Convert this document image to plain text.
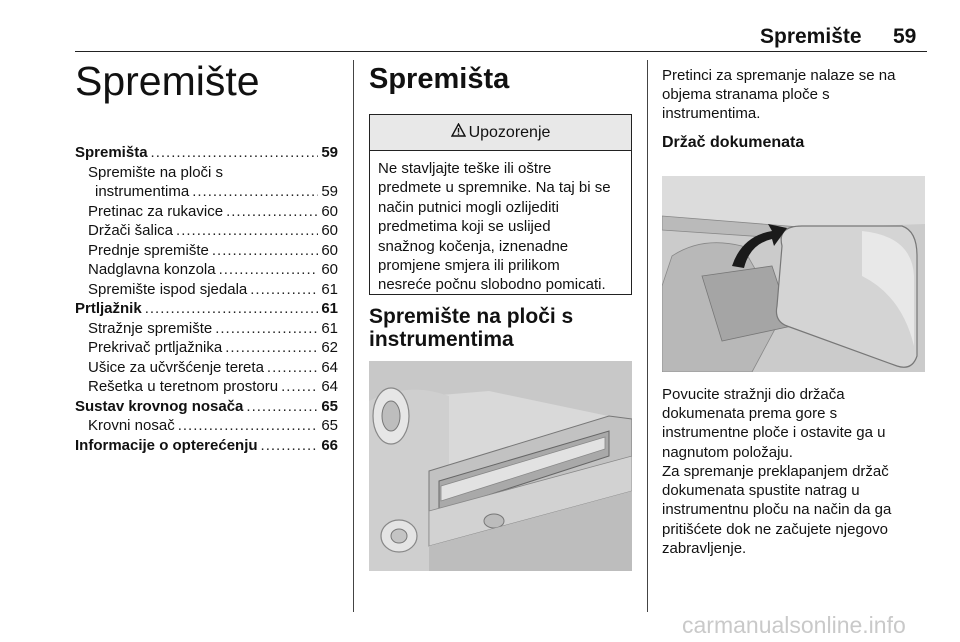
Spremište 59
Spremište
Spremišta .....	59
Spremište na ploči s
instrumentima .....	59
Pretinac za rukavice .....	60
Držači šalica .....	60
Prednje spremište .....	60
Nadglavna konzola .....	60
Spremište ispod sjedala .....	61
Prtljažnik .....	61
Stražnje spremište .....	61
Prekrivač prtljažnika .....	62
Ušice za učvršćenje tereta .....	64
Rešetka u teretnom prostoru .....	64
Sustav krovnog nosača .....	65
Krovni nosač .....	65
Informacije o opterećenju .....	66
Spremišta
Upozorenje
Ne stavljajte teške ili oštre
predmete u spremnike. Na taj bi se
način putnici mogli ozlijediti
predmetima koji se uslijed
snažnog kočenja, iznenadne
promjene smjera ili prilikom
nesreće počnu slobodno pomicati.
Spremište na ploči s
instrumentima
Pretinci za spremanje nalaze se na
objema stranama ploče s
instrumentima.
Držač dokumenata
Povucite stražnji dio držača
dokumenata prema gore s
instrumentne ploče i ostavite ga u
nagnutom položaju.
Za spremanje preklapanjem držač
dokumenata spustite natrag u
instrumentnu ploču na način da ga
pritišćete dok ne začujete njegovo
zabravljenje.
carmanualsonline.info
